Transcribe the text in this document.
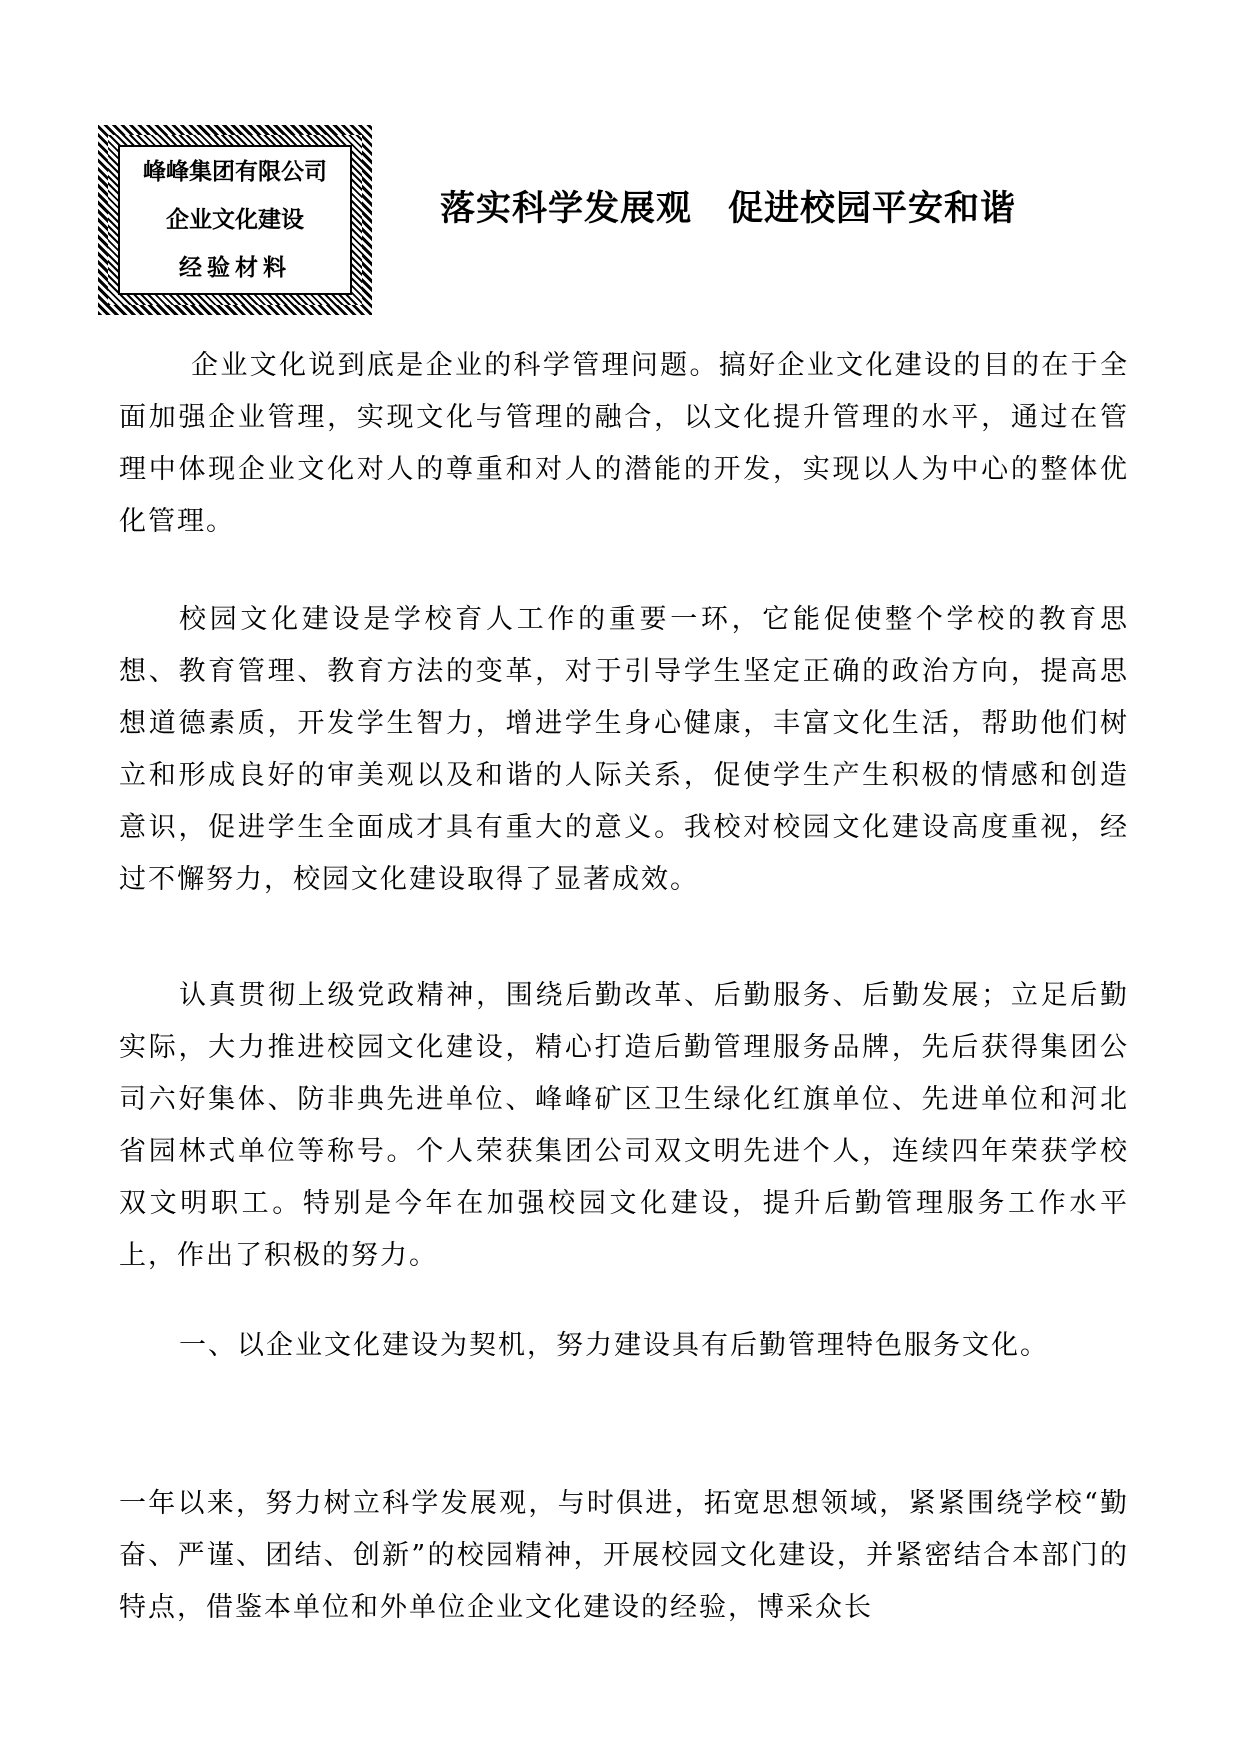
峰峰集团有限公司
企业文化建设
经验材料
落实科学发展观　促进校园平安和谐
企业文化说到底是企业的科学管理问题。搞好企业文化建设的目的在于全面加强企业管理，实现文化与管理的融合，以文化提升管理的水平，通过在管理中体现企业文化对人的尊重和对人的潜能的开发，实现以人为中心的整体优化管理。
校园文化建设是学校育人工作的重要一环，它能促使整个学校的教育思想、教育管理、教育方法的变革，对于引导学生坚定正确的政治方向，提高思想道德素质，开发学生智力，增进学生身心健康，丰富文化生活，帮助他们树立和形成良好的审美观以及和谐的人际关系，促使学生产生积极的情感和创造意识，促进学生全面成才具有重大的意义。我校对校园文化建设高度重视，经过不懈努力，校园文化建设取得了显著成效。
认真贯彻上级党政精神，围绕后勤改革、后勤服务、后勤发展；立足后勤实际，大力推进校园文化建设，精心打造后勤管理服务品牌，先后获得集团公司六好集体、防非典先进单位、峰峰矿区卫生绿化红旗单位、先进单位和河北省园林式单位等称号。个人荣获集团公司双文明先进个人，连续四年荣获学校双文明职工。特别是今年在加强校园文化建设，提升后勤管理服务工作水平上，作出了积极的努力。
一、以企业文化建设为契机，努力建设具有后勤管理特色服务文化。
一年以来，努力树立科学发展观，与时俱进，拓宽思想领域，紧紧围绕学校“勤奋、严谨、团结、创新”的校园精神，开展校园文化建设，并紧密结合本部门的特点，借鉴本单位和外单位企业文化建设的经验，博采众长
